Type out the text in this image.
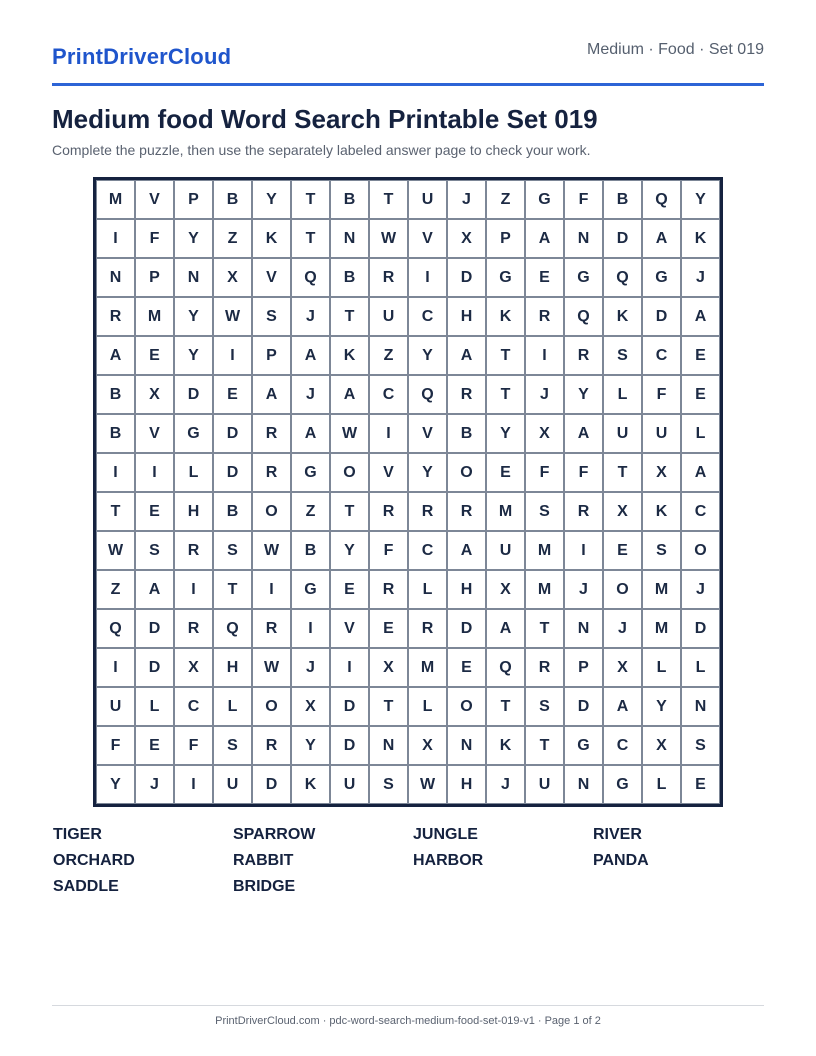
PrintDriverCloud	Medium · Food · Set 019
Medium food Word Search Printable Set 019

Complete the puzzle, then use the separately labeled answer page to check your work.

M	V	P	B	Y	T	B	T	U	J	Z	G	F	B	Q	Y
I	F	Y	Z	K	T	N	W	V	X	P	A	N	D	A	K
N	P	N	X	V	Q	B	R	I	D	G	E	G	Q	G	J
R	M	Y	W	S	J	T	U	C	H	K	R	Q	K	D	A
A	E	Y	I	P	A	K	Z	Y	A	T	I	R	S	C	E
B	X	D	E	A	J	A	C	Q	R	T	J	Y	L	F	E
B	V	G	D	R	A	W	I	V	B	Y	X	A	U	U	L
I	I	L	D	R	G	O	V	Y	O	E	F	F	T	X	A
T	E	H	B	O	Z	T	R	R	R	M	S	R	X	K	C
W	S	R	S	W	B	Y	F	C	A	U	M	I	E	S	O
Z	A	I	T	I	G	E	R	L	H	X	M	J	O	M	J
Q	D	R	Q	R	I	V	E	R	D	A	T	N	J	M	D
I	D	X	H	W	J	I	X	M	E	Q	R	P	X	L	L
U	L	C	L	O	X	D	T	L	O	T	S	D	A	Y	N
F	E	F	S	R	Y	D	N	X	N	K	T	G	C	X	S
Y	J	I	U	D	K	U	S	W	H	J	U	N	G	L	E
TIGER	SPARROW	JUNGLE	RIVER
ORCHARD	RABBIT	HARBOR	PANDA
SADDLE	BRIDGE
PrintDriverCloud.com · pdc-word-search-medium-food-set-019-v1 · Page 1 of 2
